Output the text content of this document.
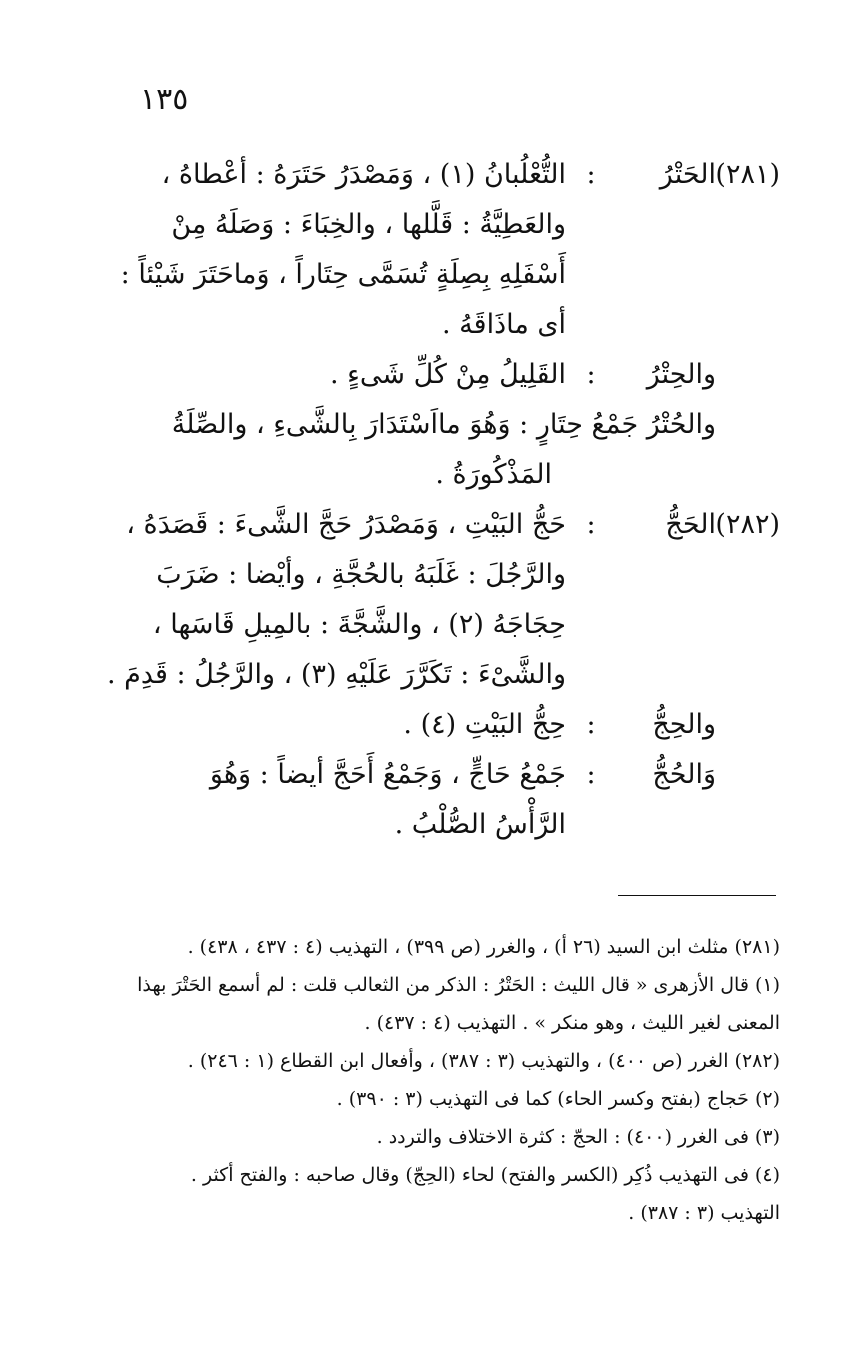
١٣٥
(٢٨١)
الحَتْرُ
:
التُّعْلُبانُ (١) ، وَمَصْدَرُ حَتَرَهُ : أعْطاهُ ،
والعَطِيَّةُ : قَلَّلها ، والخِبَاءَ : وَصَلَهُ مِنْ
أَسْفَلِهِ بِصِلَةٍ تُسَمَّى حِتَاراً ، وَماحَتَرَ شَيْئاً :
أى ماذَاقَهُ .
والحِتْرُ
:
القَلِيلُ مِنْ كُلِّ شَىءٍ .
والحُتْرُ جَمْعُ حِتَارٍ : وَهُوَ مااَسْتَدَارَ بِالشَّىءِ ، والصِّلَةُ
المَذْكُورَةُ .
(٢٨٢)
الحَجُّ
:
حَجُّ البَيْتِ ، وَمَصْدَرُ حَجَّ الشَّىءَ : قَصَدَهُ ،
والرَّجُلَ : غَلَبَهُ بالحُجَّةِ ، وأيْضا : ضَرَبَ
حِجَاجَهُ (٢) ، والشَّجَّةَ : بالمِيلِ قَاسَها ،
والشَّىْءَ : تَكَرَّرَ عَلَيْهِ (٣) ، والرَّجُلُ : قَدِمَ .
والحِجُّ
:
حِجُّ البَيْتِ (٤) .
وَالحُجُّ
:
جَمْعُ حَاجٍّ ، وَجَمْعُ أَحَجَّ أيضاً : وَهُوَ
الرَّأْسُ الصُّلْبُ .

(٢٨١) مثلث ابن السيد (٢٦ أ) ، والغرر (ص ٣٩٩) ، التهذيب (٤ : ٤٣٧ ، ٤٣٨) .

(١) قال الأزهرى « قال الليث : الحَتْرُ : الذكر من الثعالب قلت : لم أسمع الحَتْرَ بهذا

المعنى لغير الليث ، وهو منكر » . التهذيب (٤ : ٤٣٧) .

(٢٨٢) الغرر (ص ٤٠٠) ، والتهذيب (٣ : ٣٨٧) ، وأفعال ابن القطاع (١ : ٢٤٦) .

(٢) حَجاج (بفتح وكسر الحاء) كما فى التهذيب (٣ : ٣٩٠) .

(٣) فى الغرر (٤٠٠) : الحجّ : كثرة الاختلاف والتردد .

(٤) فى التهذيب ذُكِر (الكسر والفتح) لحاء (الحِجّ) وقال صاحبه : والفتح أكثر .

التهذيب (٣ : ٣٨٧) .
